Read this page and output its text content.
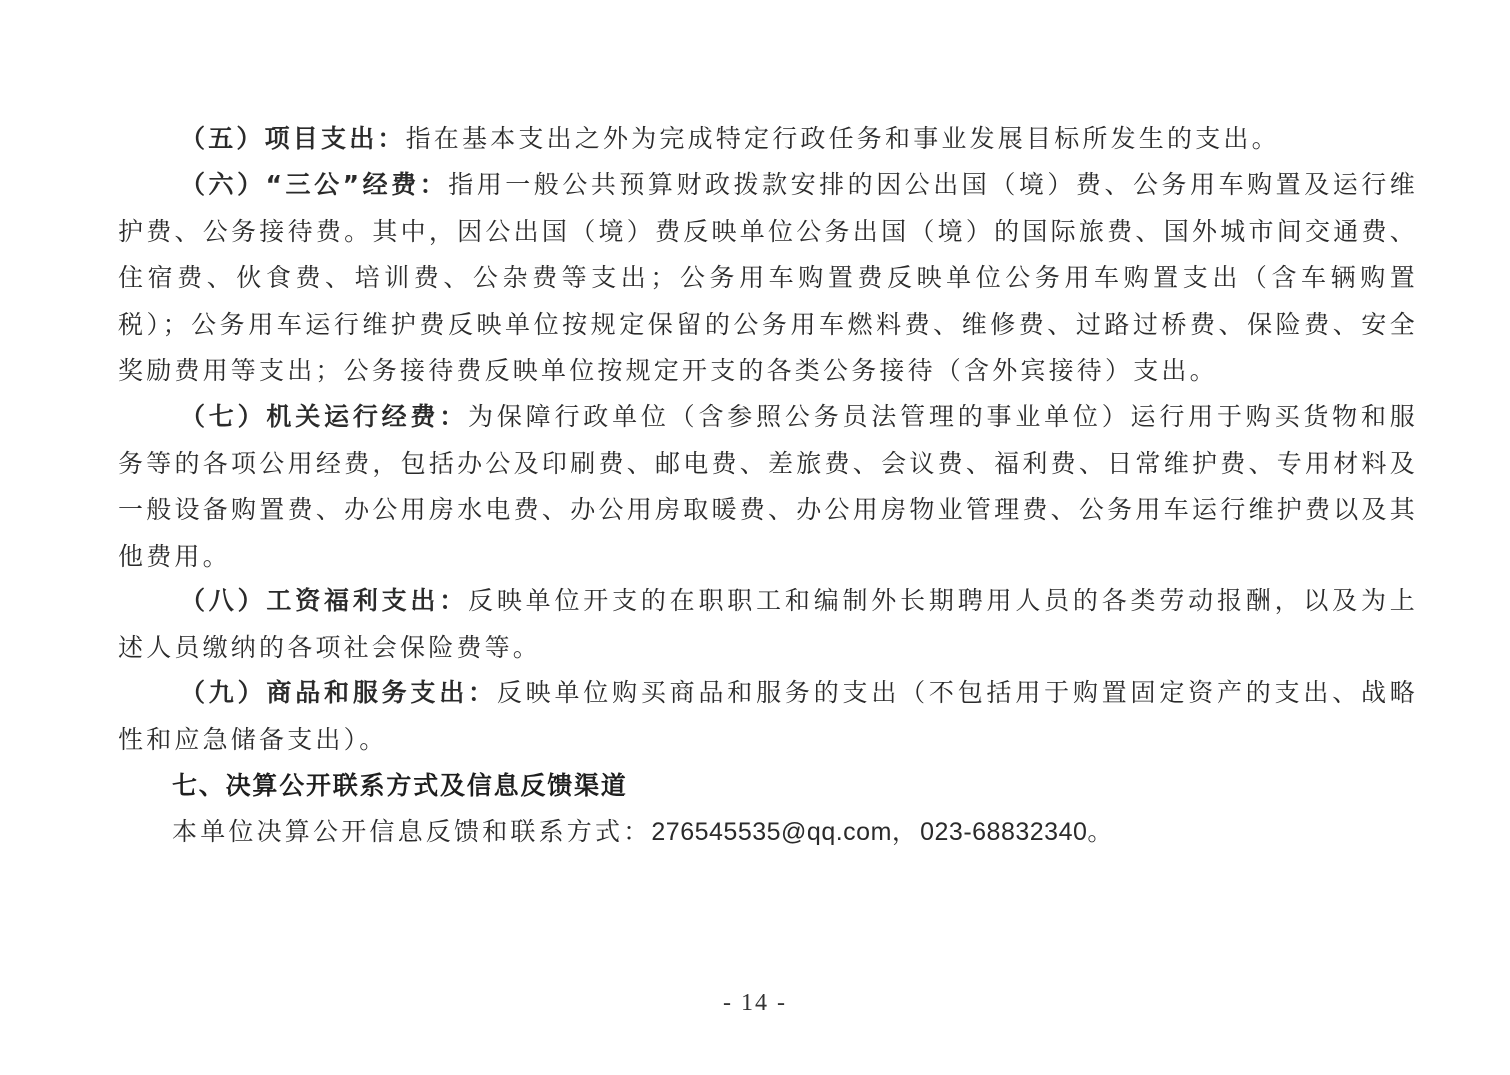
（五）项目支出：指在基本支出之外为完成特定行政任务和事业发展目标所发生的支出。

（六）“三公”经费：指用一般公共预算财政拨款安排的因公出国（境）费、公务用车购置及运行维护费、公务接待费。其中，因公出国（境）费反映单位公务出国（境）的国际旅费、国外城市间交通费、住宿费、伙食费、培训费、公杂费等支出；公务用车购置费反映单位公务用车购置支出（含车辆购置税）；公务用车运行维护费反映单位按规定保留的公务用车燃料费、维修费、过路过桥费、保险费、安全奖励费用等支出；公务接待费反映单位按规定开支的各类公务接待（含外宾接待）支出。

（七）机关运行经费：为保障行政单位（含参照公务员法管理的事业单位）运行用于购买货物和服务等的各项公用经费，包括办公及印刷费、邮电费、差旅费、会议费、福利费、日常维护费、专用材料及一般设备购置费、办公用房水电费、办公用房取暖费、办公用房物业管理费、公务用车运行维护费以及其他费用。

（八）工资福利支出：反映单位开支的在职职工和编制外长期聘用人员的各类劳动报酬，以及为上述人员缴纳的各项社会保险费等。

（九）商品和服务支出：反映单位购买商品和服务的支出（不包括用于购置固定资产的支出、战略性和应急储备支出）。

七、决算公开联系方式及信息反馈渠道

本单位决算公开信息反馈和联系方式：276545535@qq.com，023-68832340。

- 14 -
